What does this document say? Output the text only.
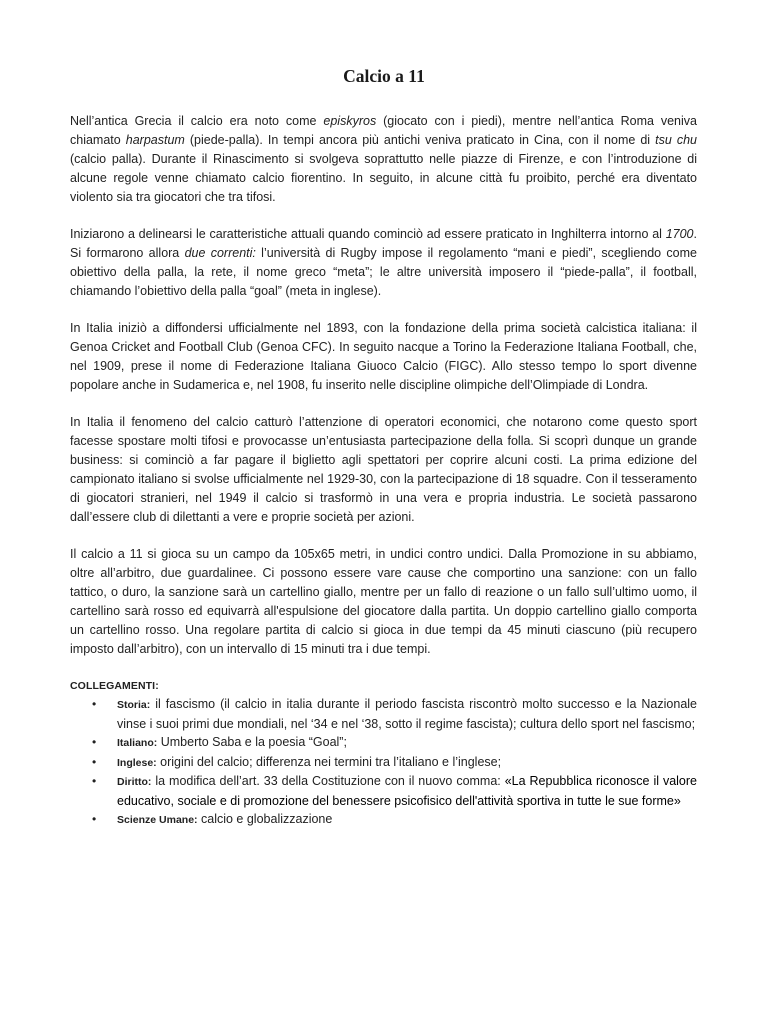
Calcio a 11

Nell’antica Grecia il calcio era noto come episkyros (giocato con i piedi), mentre nell’antica Roma veniva chiamato harpastum (piede-palla). In tempi ancora più antichi veniva praticato in Cina, con il nome di tsu chu (calcio palla). Durante il Rinascimento si svolgeva soprattutto nelle piazze di Firenze, e con l’introduzione di alcune regole venne chiamato calcio fiorentino. In seguito, in alcune città fu proibito, perché era diventato violento sia tra giocatori che tra tifosi.

Iniziarono a delinearsi le caratteristiche attuali quando cominciò ad essere praticato in Inghilterra intorno al 1700. Si formarono allora due correnti: l’università di Rugby impose il regolamento “mani e piedi”, scegliendo come obiettivo della palla, la rete, il nome greco “meta”; le altre università imposero il “piede-palla”, il football, chiamando l’obiettivo della palla “goal” (meta in inglese).

In Italia iniziò a diffondersi ufficialmente nel 1893, con la fondazione della prima società calcistica italiana: il Genoa Cricket and Football Club (Genoa CFC). In seguito nacque a Torino la Federazione Italiana Football, che, nel 1909, prese il nome di Federazione Italiana Giuoco Calcio (FIGC). Allo stesso tempo lo sport divenne popolare anche in Sudamerica e, nel 1908, fu inserito nelle discipline olimpiche dell’Olimpiade di Londra.

In Italia il fenomeno del calcio catturò l’attenzione di operatori economici, che notarono come questo sport facesse spostare molti tifosi e provocasse un’entusiasta partecipazione della folla. Si scoprì dunque un grande business: si cominciò a far pagare il biglietto agli spettatori per coprire alcuni costi. La prima edizione del campionato italiano si svolse ufficialmente nel 1929-30, con la partecipazione di 18 squadre. Con il tesseramento di giocatori stranieri, nel 1949 il calcio si trasformò in una vera e propria industria. Le società passarono dall’essere club di dilettanti a vere e proprie società per azioni.

Il calcio a 11 si gioca su un campo da 105x65 metri, in undici contro undici. Dalla Promozione in su abbiamo, oltre all’arbitro, due guardalinee. Ci possono essere vare cause che comportino una sanzione: con un fallo tattico, o duro, la sanzione sarà un cartellino giallo, mentre per un fallo di reazione o un fallo sull’ultimo uomo, il cartellino sarà rosso ed equivarrà all'espulsione del giocatore dalla partita. Un doppio cartellino giallo comporta un cartellino rosso. Una regolare partita di calcio si gioca in due tempi da 45 minuti ciascuno (più recupero imposto dall’arbitro), con un intervallo di 15 minuti tra i due tempi.

COLLEGAMENTI:
• Storia: il fascismo (il calcio in italia durante il periodo fascista riscontrò molto successo e la Nazionale vinse i suoi primi due mondiali, nel ‘34 e nel ‘38, sotto il regime fascista); cultura dello sport nel fascismo;
• Italiano: Umberto Saba e la poesia “Goal”;
• Inglese: origini del calcio; differenza nei termini tra l’italiano e l’inglese;
• Diritto: la modifica dell’art. 33 della Costituzione con il nuovo comma: «La Repubblica riconosce il valore educativo, sociale e di promozione del benessere psicofisico dell'attività sportiva in tutte le sue forme»
• Scienze Umane: calcio e globalizzazione
